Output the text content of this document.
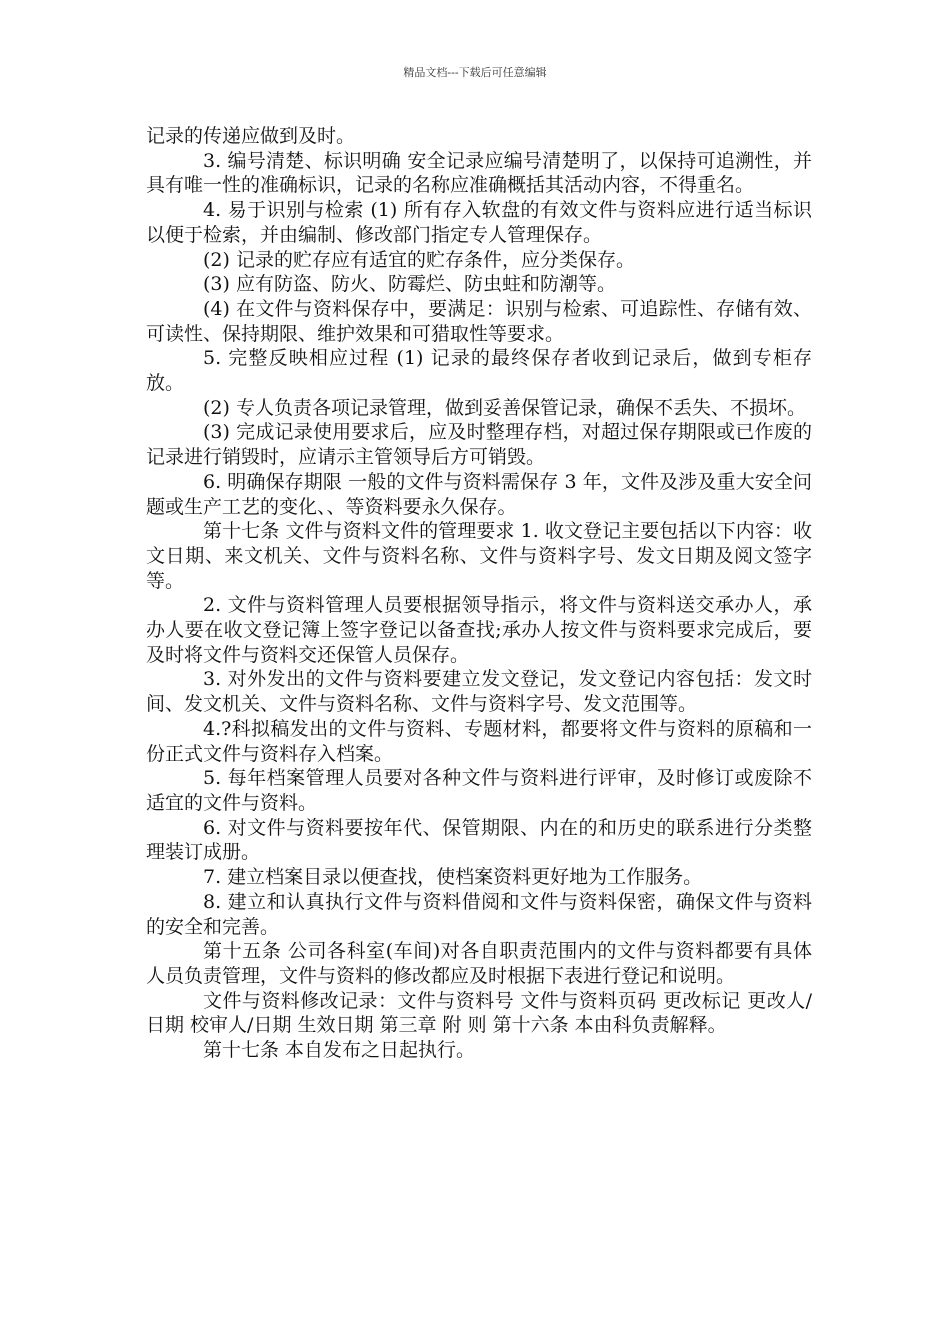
精品文档---下载后可任意编辑

记录的传递应做到及时。

3. 编号清楚、标识明确 安全记录应编号清楚明了，以保持可追溯性，并具有唯一性的准确标识，记录的名称应准确概括其活动内容，不得重名。

4. 易于识别与检索 (1) 所有存入软盘的有效文件与资料应进行适当标识以便于检索，并由编制、修改部门指定专人管理保存。

(2) 记录的贮存应有适宜的贮存条件，应分类保存。

(3) 应有防盗、防火、防霉烂、防虫蛀和防潮等。

(4) 在文件与资料保存中，要满足：识别与检索、可追踪性、存储有效、可读性、保持期限、维护效果和可猎取性等要求。

5. 完整反映相应过程 (1) 记录的最终保存者收到记录后，做到专柜存放。

(2) 专人负责各项记录管理，做到妥善保管记录，确保不丢失、不损坏。

(3) 完成记录使用要求后，应及时整理存档，对超过保存期限或已作废的记录进行销毁时，应请示主管领导后方可销毁。

6. 明确保存期限 一般的文件与资料需保存 3 年，文件及涉及重大安全问题或生产工艺的变化、、等资料要永久保存。

第十七条 文件与资料文件的管理要求 1. 收文登记主要包括以下内容：收文日期、来文机关、文件与资料名称、文件与资料字号、发文日期及阅文签字等。

2. 文件与资料管理人员要根据领导指示，将文件与资料送交承办人，承办人要在收文登记簿上签字登记以备查找;承办人按文件与资料要求完成后，要及时将文件与资料交还保管人员保存。

3. 对外发出的文件与资料要建立发文登记，发文登记内容包括：发文时间、发文机关、文件与资料名称、文件与资料字号、发文范围等。

4.?科拟稿发出的文件与资料、专题材料，都要将文件与资料的原稿和一份正式文件与资料存入档案。

5. 每年档案管理人员要对各种文件与资料进行评审，及时修订或废除不适宜的文件与资料。

6. 对文件与资料要按年代、保管期限、内在的和历史的联系进行分类整理装订成册。

7. 建立档案目录以便查找，使档案资料更好地为工作服务。

8. 建立和认真执行文件与资料借阅和文件与资料保密，确保文件与资料的安全和完善。

第十五条 公司各科室(车间)对各自职责范围内的文件与资料都要有具体人员负责管理，文件与资料的修改都应及时根据下表进行登记和说明。

文件与资料修改记录：文件与资料号 文件与资料页码 更改标记 更改人/日期 校审人/日期 生效日期 第三章 附 则 第十六条 本由科负责解释。

第十七条 本自发布之日起执行。
